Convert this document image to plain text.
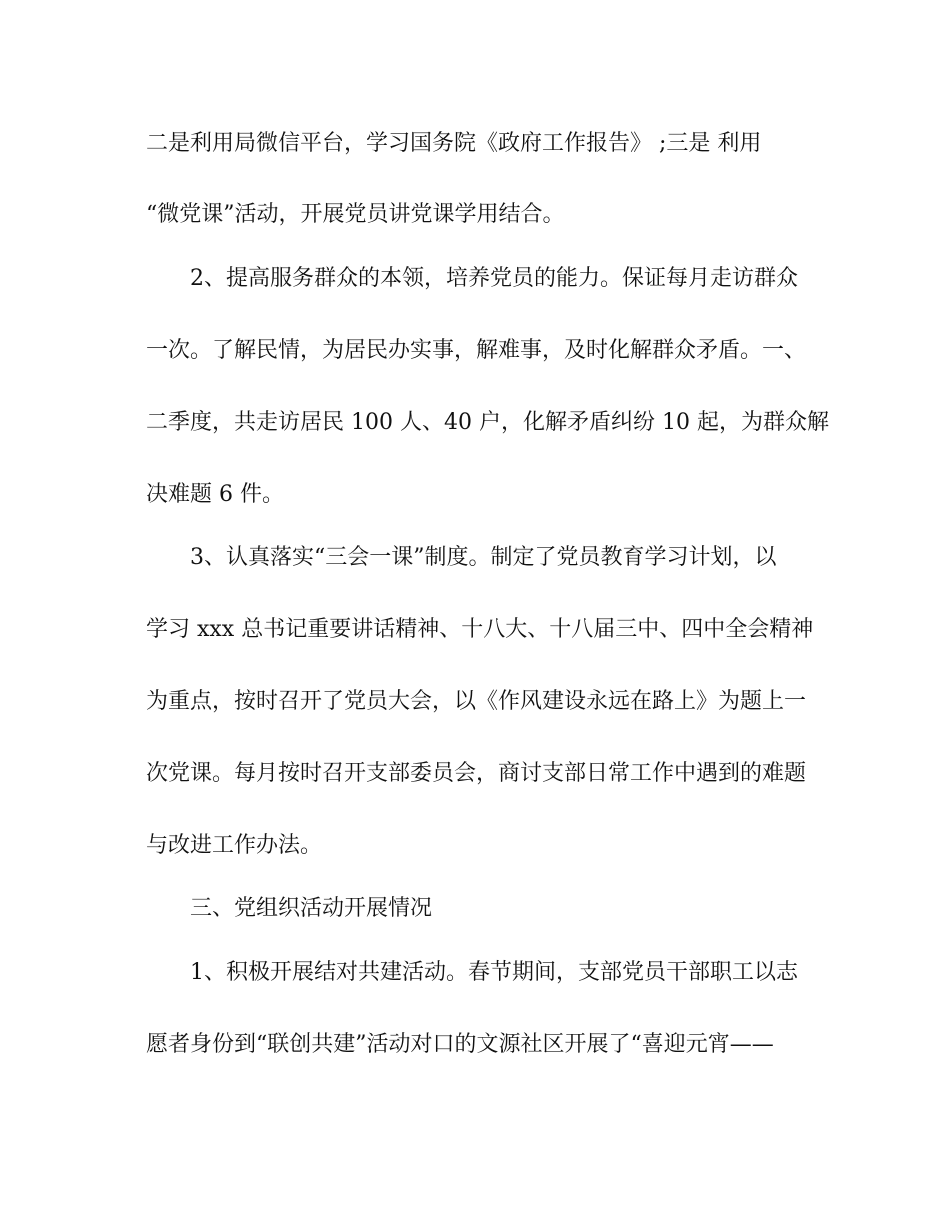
二是利用局微信平台，学习国务院《政府工作报告》 ;三是 利用

“微党课”活动，开展党员讲党课学用结合。

2、提高服务群众的本领，培养党员的能力。保证每月走访群众

一次。了解民情，为居民办实事，解难事，及时化解群众矛盾。一、

二季度，共走访居民 100 人、40 户，化解矛盾纠纷 10 起，为群众解

决难题 6 件。

3、认真落实“三会一课”制度。制定了党员教育学习计划，以

学习 xxx 总书记重要讲话精神、十八大、十八届三中、四中全会精神

为重点，按时召开了党员大会，以《作风建设永远在路上》为题上一

次党课。每月按时召开支部委员会，商讨支部日常工作中遇到的难题

与改进工作办法。

三、党组织活动开展情况

1、积极开展结对共建活动。春节期间，支部党员干部职工以志

愿者身份到“联创共建”活动对口的文源社区开展了“喜迎元宵——
